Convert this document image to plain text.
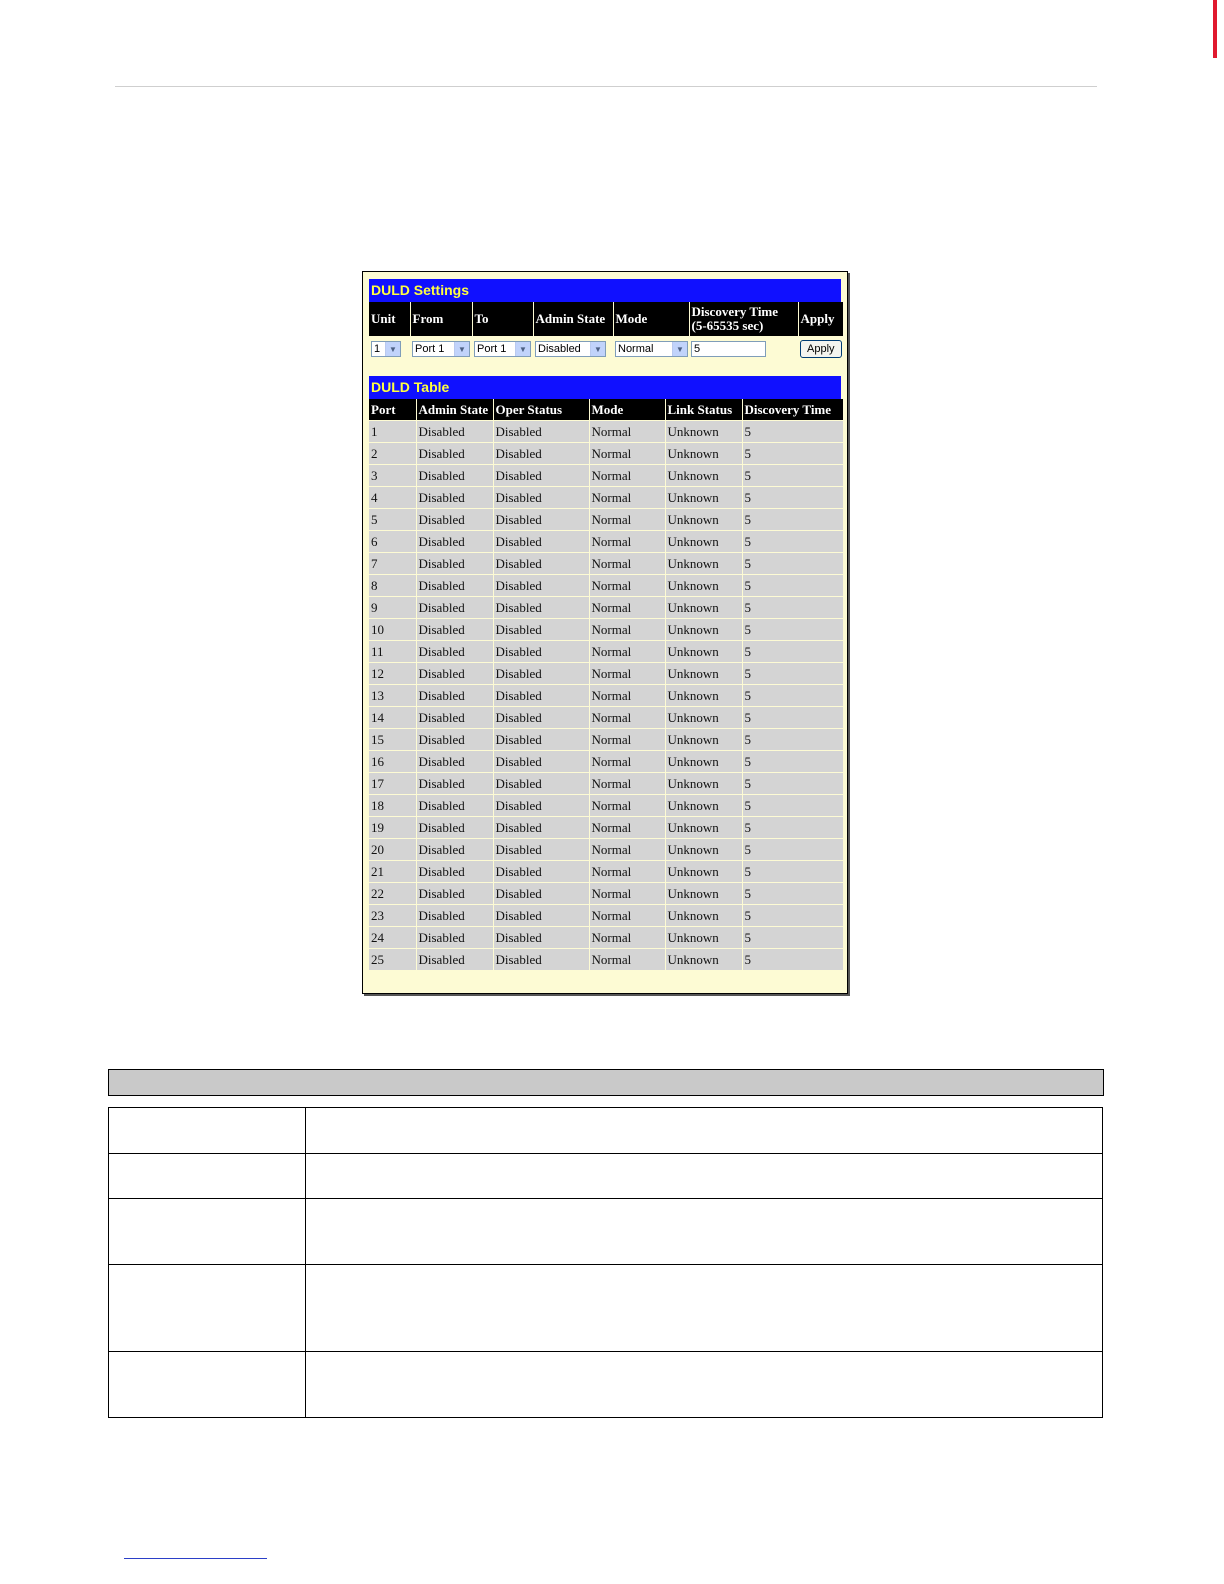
DULD Settings
Unit	From	To	Admin State	Mode	Discovery Time (5-65535 sec)	Apply

1 ▼	Port 1 ▼	Port 1 ▼	Disabled ▼	Normal ▼	5	Apply
DULD Table
Port	Admin State	Oper Status	Mode	Link Status	Discovery Time
1	Disabled	Disabled	Normal	Unknown	5
2	Disabled	Disabled	Normal	Unknown	5
3	Disabled	Disabled	Normal	Unknown	5
4	Disabled	Disabled	Normal	Unknown	5
5	Disabled	Disabled	Normal	Unknown	5
6	Disabled	Disabled	Normal	Unknown	5
7	Disabled	Disabled	Normal	Unknown	5
8	Disabled	Disabled	Normal	Unknown	5
9	Disabled	Disabled	Normal	Unknown	5
10	Disabled	Disabled	Normal	Unknown	5
11	Disabled	Disabled	Normal	Unknown	5
12	Disabled	Disabled	Normal	Unknown	5
13	Disabled	Disabled	Normal	Unknown	5
14	Disabled	Disabled	Normal	Unknown	5
15	Disabled	Disabled	Normal	Unknown	5
16	Disabled	Disabled	Normal	Unknown	5
17	Disabled	Disabled	Normal	Unknown	5
18	Disabled	Disabled	Normal	Unknown	5
19	Disabled	Disabled	Normal	Unknown	5
20	Disabled	Disabled	Normal	Unknown	5
21	Disabled	Disabled	Normal	Unknown	5
22	Disabled	Disabled	Normal	Unknown	5
23	Disabled	Disabled	Normal	Unknown	5
24	Disabled	Disabled	Normal	Unknown	5
25	Disabled	Disabled	Normal	Unknown	5
